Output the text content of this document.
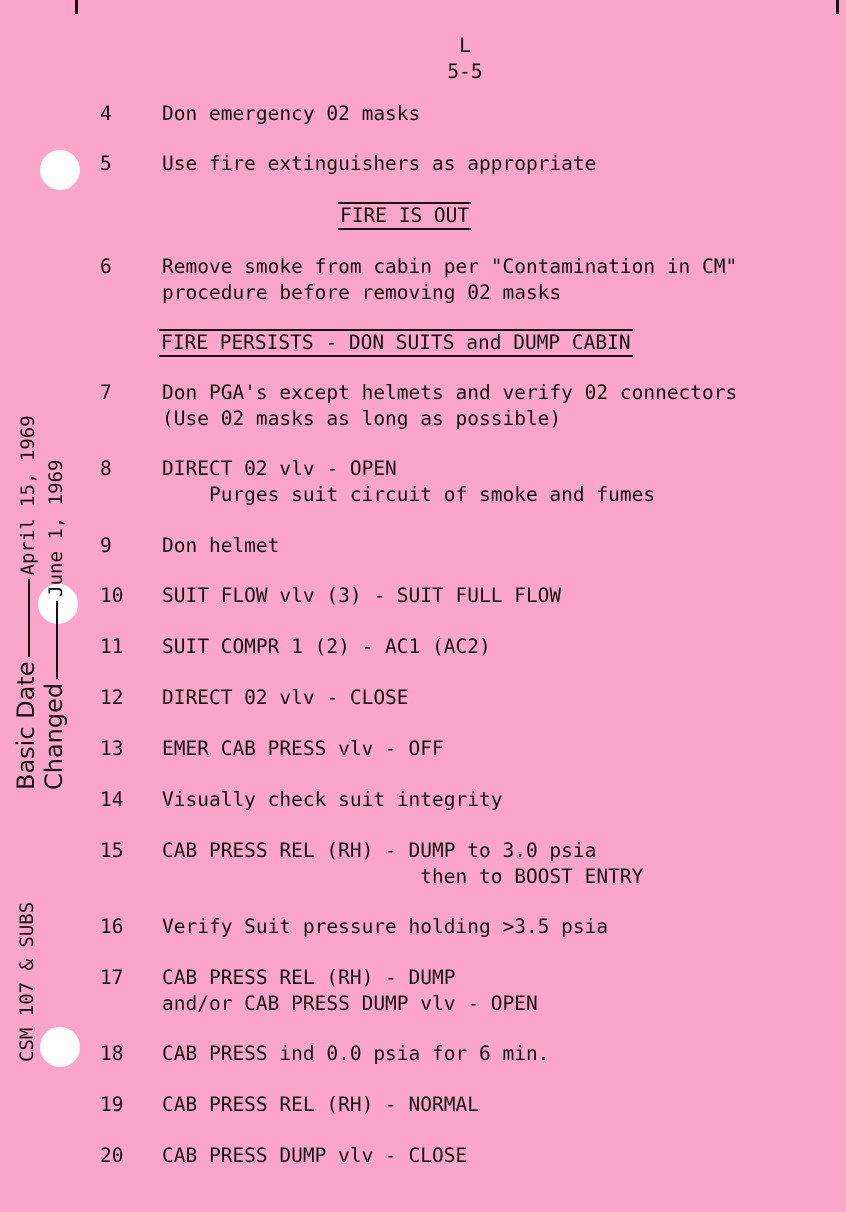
L
5-5
4	Don emergency 02 masks
5	Use fire extinguishers as appropriate
FIRE IS OUT
6	Remove smoke from cabin per "Contamination in CM"
procedure before removing 02 masks
FIRE PERSISTS - DON SUITS and DUMP CABIN
7	Don PGA's except helmets and verify 02 connectors
(Use 02 masks as long as possible)
8	DIRECT 02 vlv - OPEN
Purges suit circuit of smoke and fumes
9	Don helmet
10 SUIT FLOW vlv (3) - SUIT FULL FLOW
11 SUIT COMPR 1 (2) - AC1 (AC2)
12 DIRECT 02 vlv - CLOSE
13 EMER CAB PRESS vlv - OFF
14 Visually check suit integrity
15 CAB PRESS REL (RH) - DUMP to 3.0 psia
then to BOOST ENTRY
16 Verify Suit pressure holding >3.5 psia
17 CAB PRESS REL (RH) - DUMP
and/or CAB PRESS DUMP vlv - OPEN
18 CAB PRESS ind 0.0 psia for 6 min.
19 CAB PRESS REL (RH) - NORMAL
20 CAB PRESS DUMP vlv - CLOSE
Basic DateApril 15, 1969
ChangedJune 1, 1969
CSM 107 & SUBS
